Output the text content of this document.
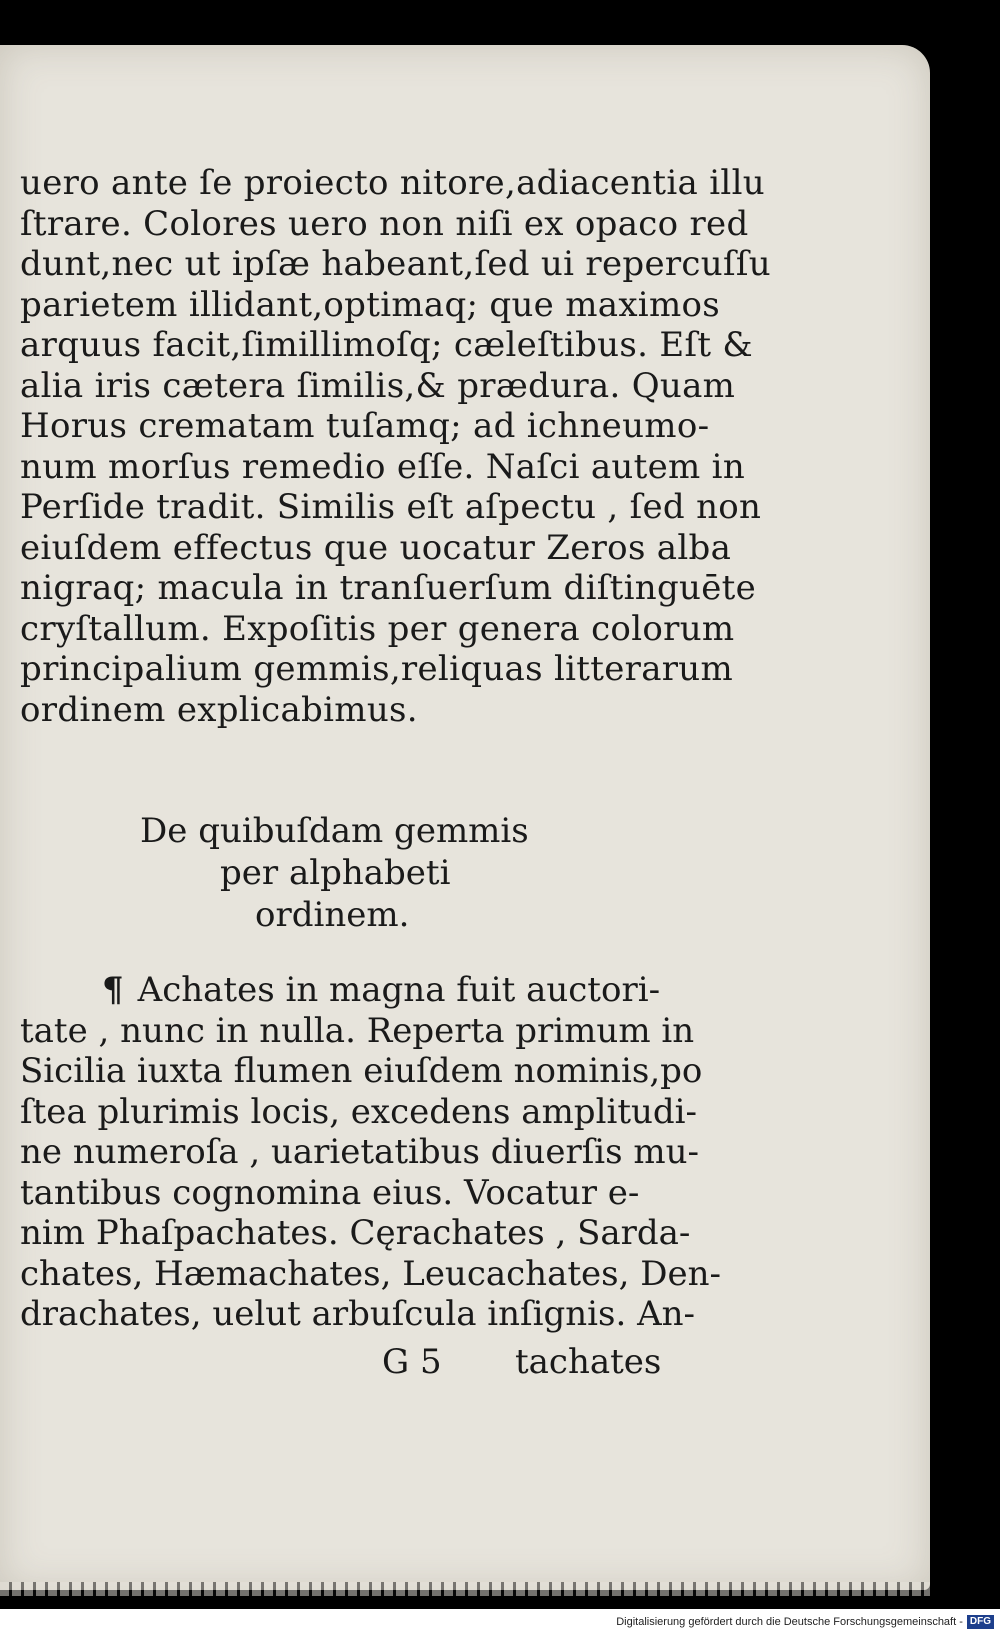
uero ante ſe proiecto nitore,adiacentia illu
ſtrare. Colores uero non niſi ex opaco red
dunt,nec ut ipſæ habeant,ſed ui repercuſſu
parietem illidant,optimaq; que maximos
arquus facit,ſimillimoſq; cæleſtibus. Eſt &
alia iris cætera ſimilis,& prædura. Quam
Horus crematam tuſamq; ad ichneumo-
num morſus remedio eſſe. Naſci autem in
Perſide tradit. Similis eſt aſpectu , ſed non
eiuſdem effectus que uocatur Zeros alba
nigraq; macula in tranſuerſum diſtinguēte
cryſtallum. Expoſitis per genera colorum
principalium gemmis,reliquas litterarum
ordinem explicabimus.
De quibuſdam gemmis
per alphabeti
ordinem.
¶ Achates in magna fuit auctori-
tate , nunc in nulla. Reperta primum in
Sicilia iuxta flumen eiuſdem nominis,po
ſtea plurimis locis, excedens amplitudi-
ne numeroſa , uarietatibus diuerſis mu-
tantibus cognomina eius. Vocatur e-
nim Phaſpachates. Cęrachates , Sarda-
chates, Hæmachates, Leucachates, Den-
drachates, uelut arbuſcula inſignis. An-
G 5 tachates
Digitalisierung gefördert durch die Deutsche Forschungsgemeinschaft - DFG
